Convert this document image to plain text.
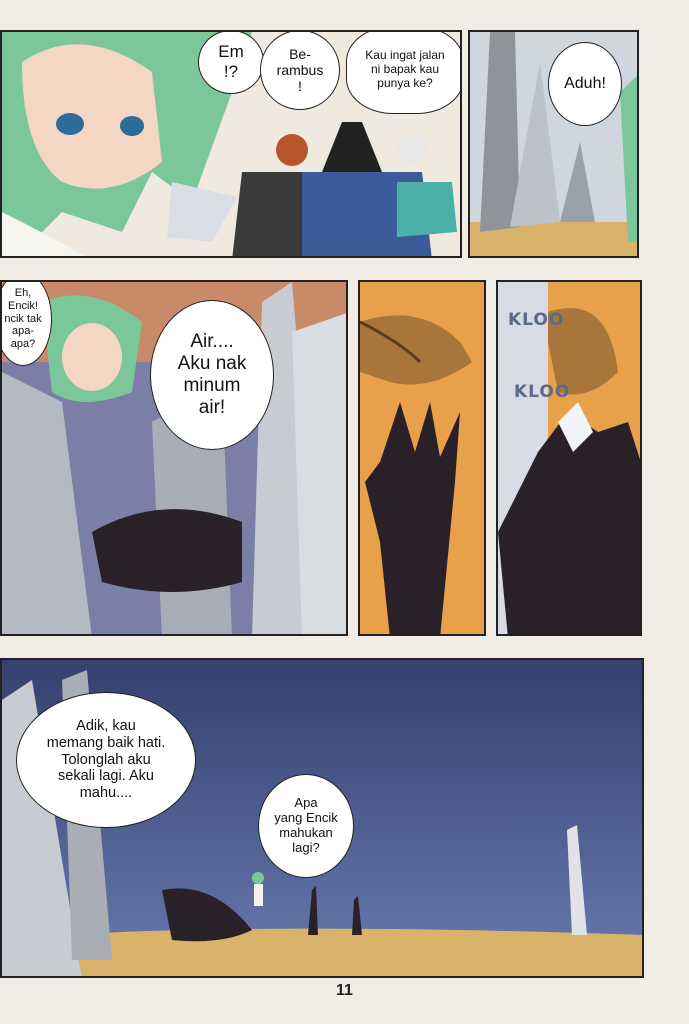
Em
!?
Be-
rambus
!
Kau ingat jalan
ni bapak kau
punya ke?	Aduh!
Eh,
Encik!
ncik tak
apa-
apa?	Air....
Aku nak
minum
air!
KLOO
KLOO
Adik, kau
memang baik hati.
Tolonglah aku
sekali lagi. Aku
mahu....
Apa
yang Encik
mahukan
lagi?
11
